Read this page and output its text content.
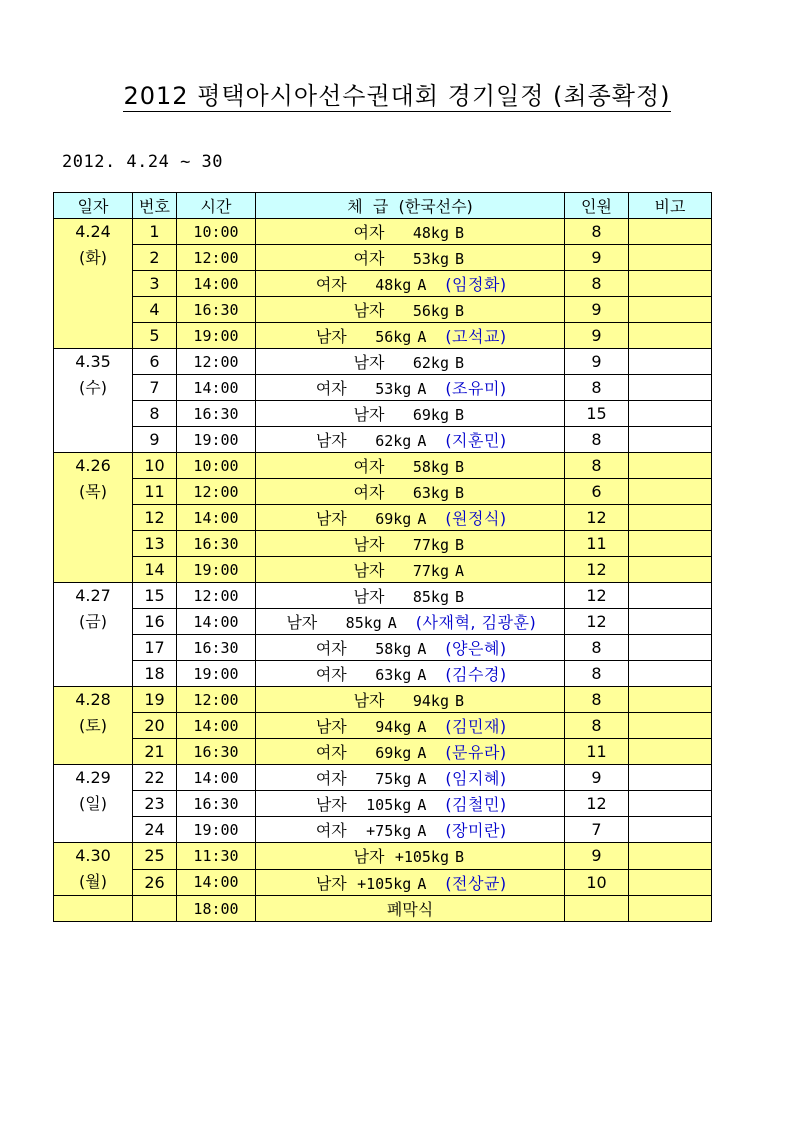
2012 평택아시아선수권대회 경기일정 (최종확정)
2012. 4.24 ~ 30
일자	번호	시간	체  급  (한국선수)	인원	비고

4.24
(화)	1	10:00	여자 48kg B	8	
	2	12:00	여자 53kg B	9	
	3	14:00	여자 48kg A (임정화)	8	
	4	16:30	남자 56kg B	9	
	5	19:00	남자 56kg A (고석교)	9	

4.35
(수)	6	12:00	남자 62kg B	9	
	7	14:00	여자 53kg A (조유미)	8	
	8	16:30	남자 69kg B	15	
	9	19:00	남자 62kg A (지훈민)	8	

4.26
(목)	10	10:00	여자 58kg B	8	
	11	12:00	여자 63kg B	6	
	12	14:00	남자 69kg A (원정식)	12	
	13	16:30	남자 77kg B	11	
	14	19:00	남자 77kg A	12	

4.27
(금)	15	12:00	남자 85kg B	12	
	16	14:00	남자 85kg A (사재혁, 김광훈)	12	
	17	16:30	여자 58kg A (양은혜)	8	
	18	19:00	여자 63kg A (김수경)	8	

4.28
(토)	19	12:00	남자 94kg B	8	
	20	14:00	남자 94kg A (김민재)	8	
	21	16:30	여자 69kg A (문유라)	11	

4.29
(일)	22	14:00	여자 75kg A (임지혜)	9	
	23	16:30	남자 105kg A (김철민)	12	
	24	19:00	여자 +75kg A (장미란)	7	

4.30
(월)	25	11:30	남자 +105kg B	9	
	26	14:00	남자 +105kg A (전상균)	10	
		18:00	폐막식		
